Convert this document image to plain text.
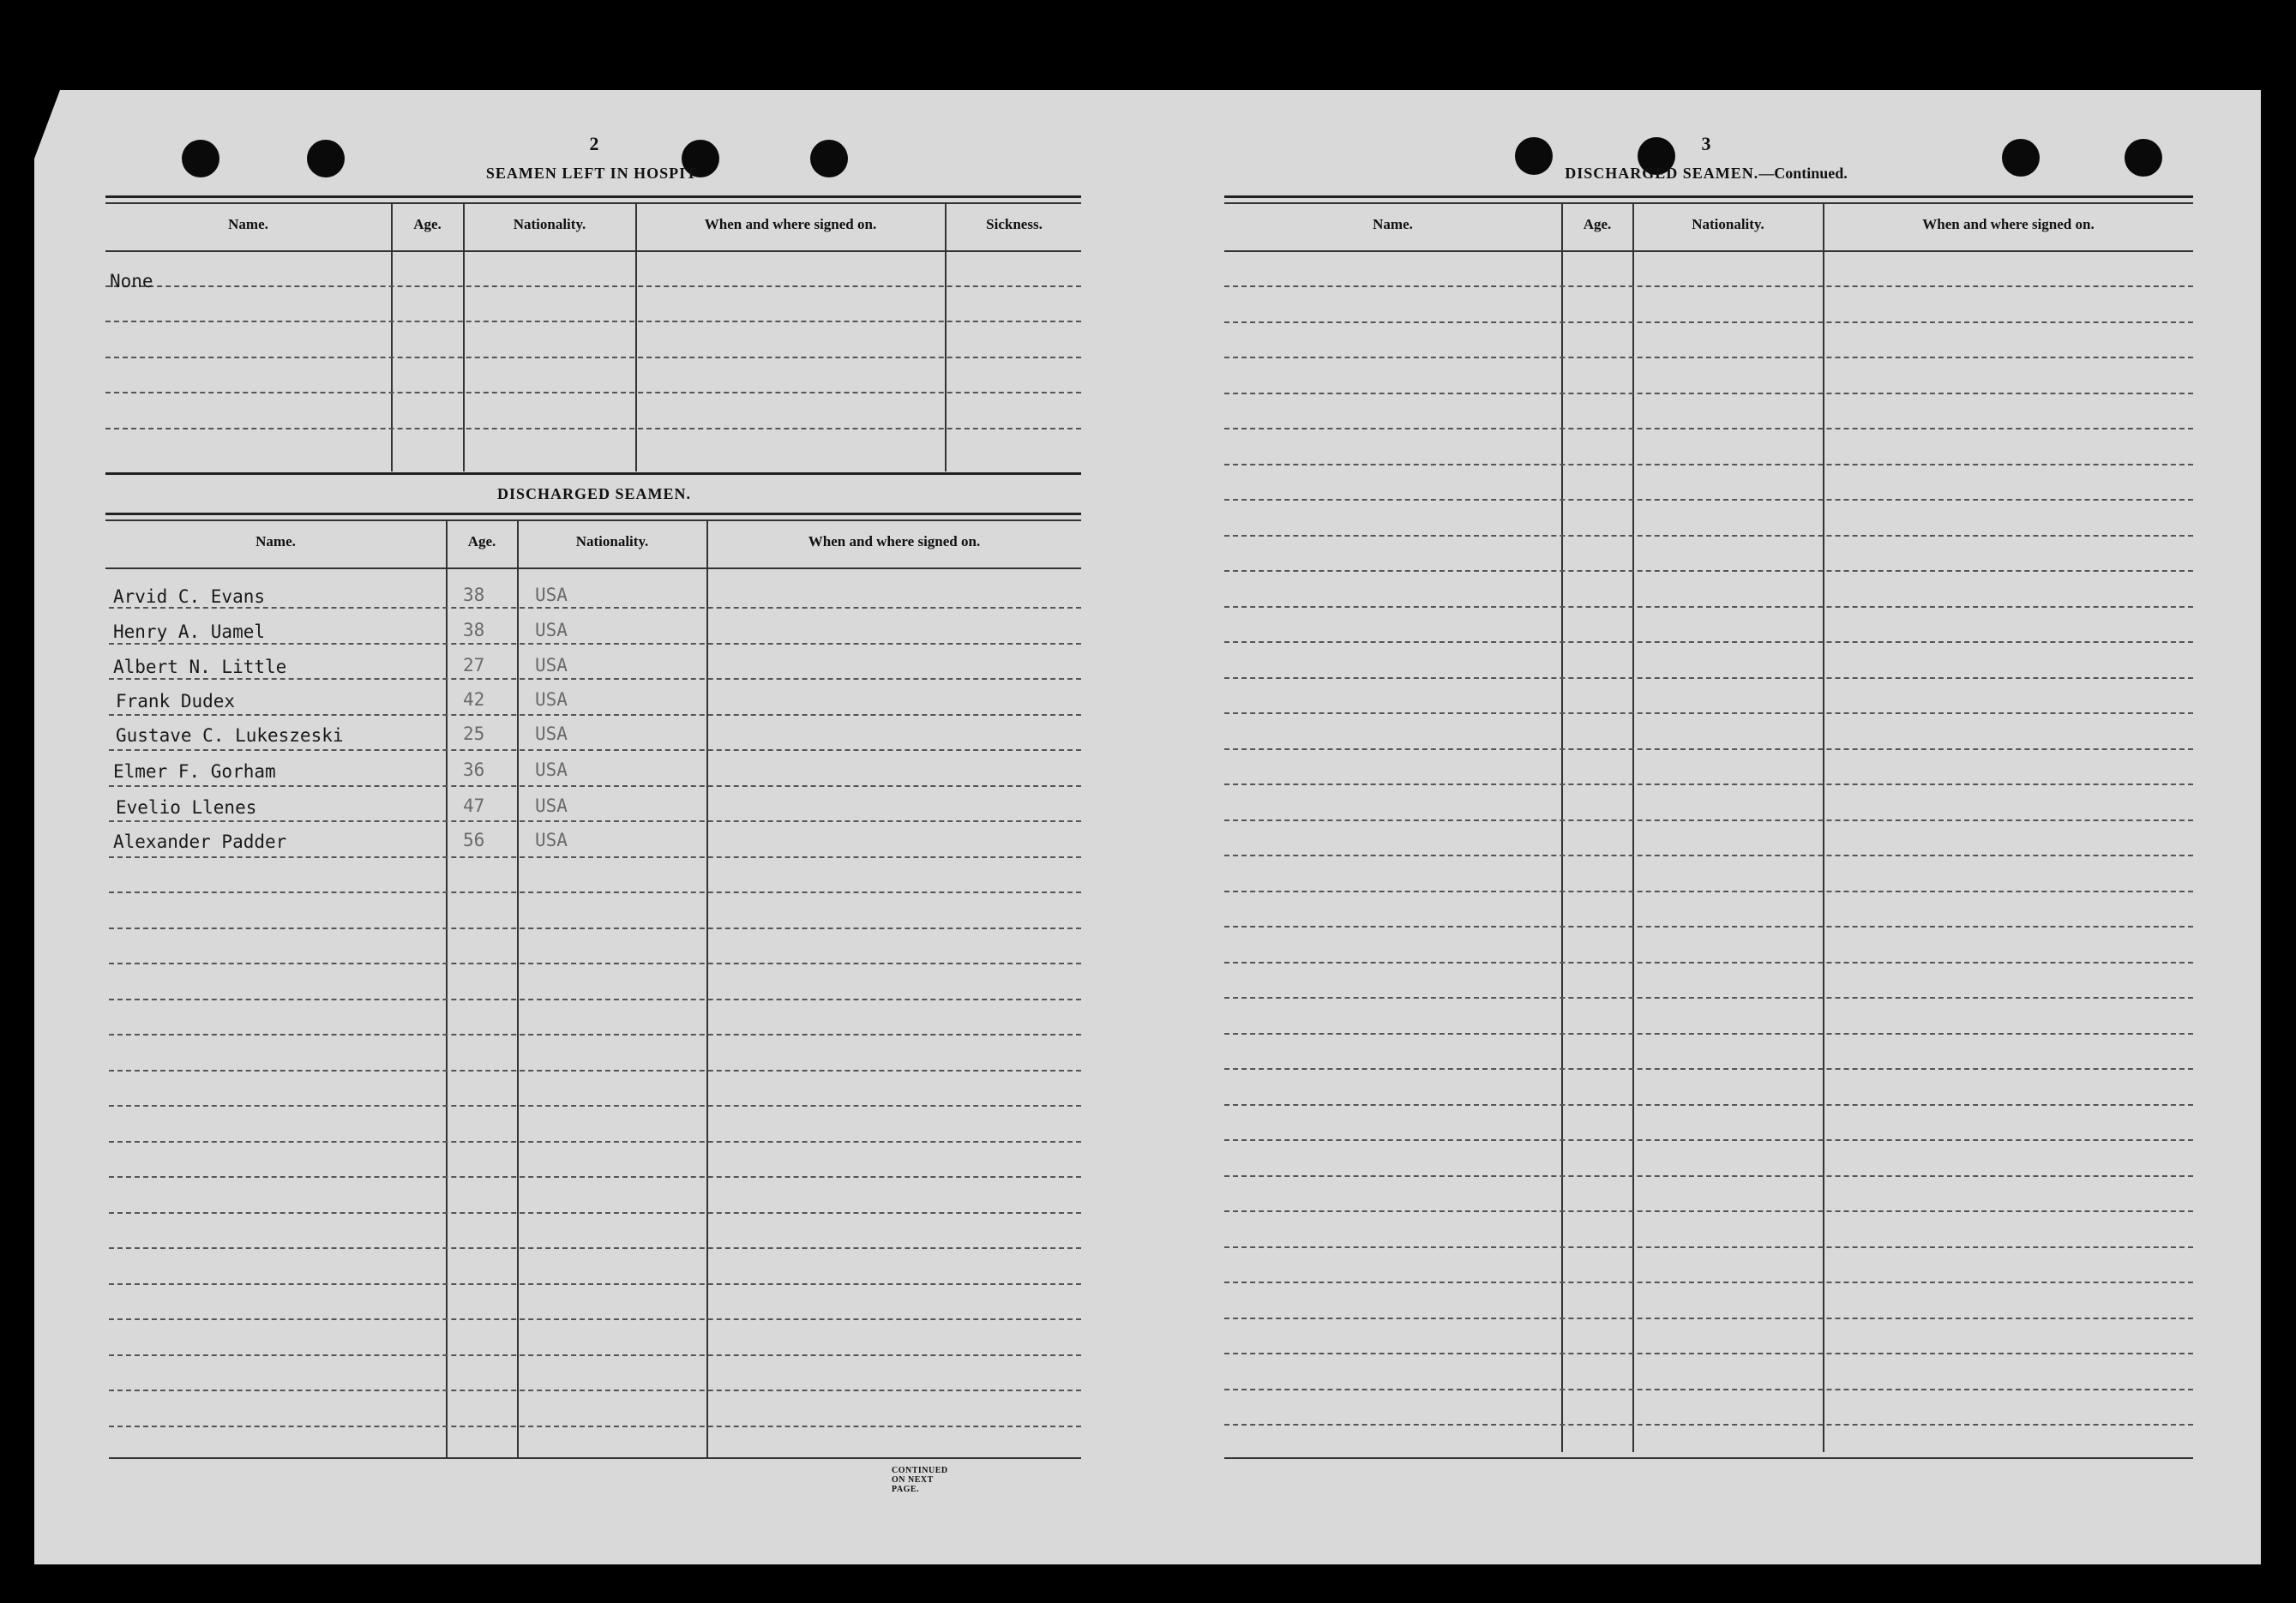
2
SEAMEN LEFT IN HOSPIT
Name.	Age.	Nationality.	When and where signed on.	Sickness.
None
DISCHARGED SEAMEN.
Name.	Age.	Nationality.	When and where signed on.
Arvid C. Evans	38	USA
Henry A. Uamel	38	USA
Albert N. Little	27	USA
Frank Dudex	42	USA
Gustave C. Lukeszeski	25	USA
Elmer F. Gorham	36	USA
Evelio Llenes	47	USA
Alexander Padder	56	USA
CONTINUED ON NEXT PAGE.
3
DISCHARGED SEAMEN.—Continued.
Name.	Age.	Nationality.	When and where signed on.
